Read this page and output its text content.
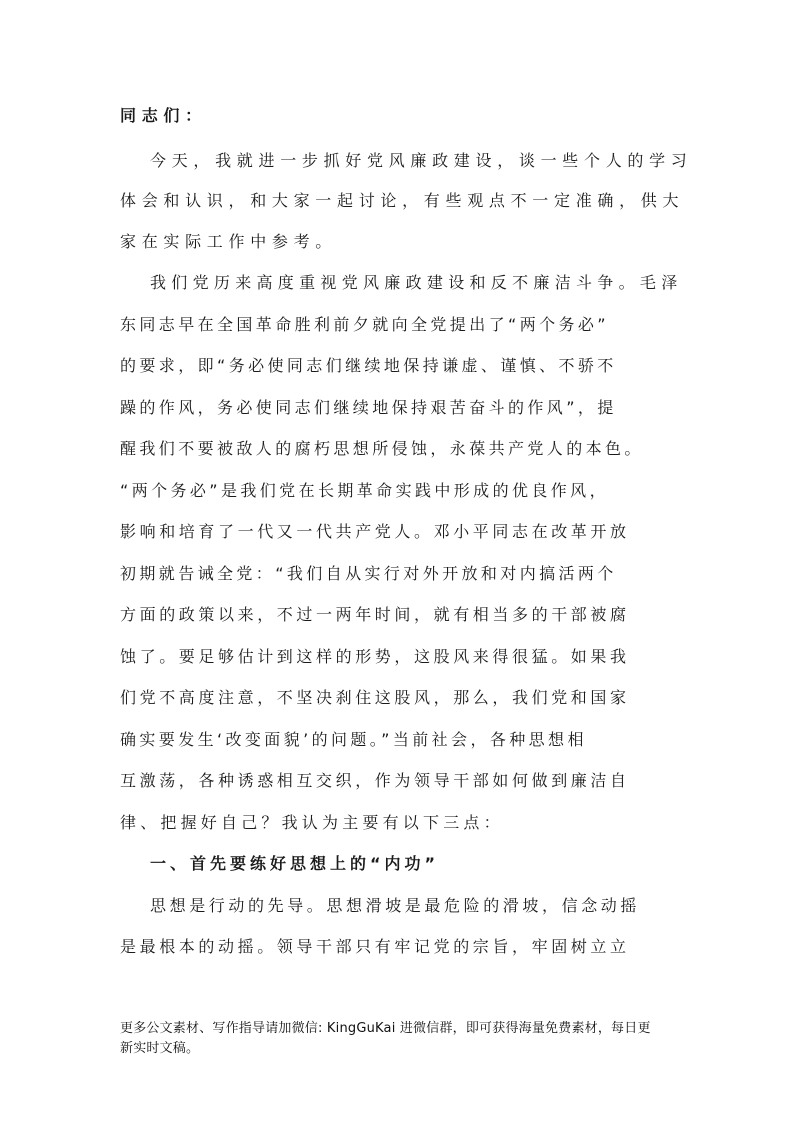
同志们：
今天，我就进一步抓好党风廉政建设，谈一些个人的学习
体会和认识，和大家一起讨论，有些观点不一定准确，供大
家在实际工作中参考。
我们党历来高度重视党风廉政建设和反不廉洁斗争。毛泽
东同志早在全国革命胜利前夕就向全党提出了“两个务必”
的要求，即“务必使同志们继续地保持谦虚、谨慎、不骄不
躁的作风，务必使同志们继续地保持艰苦奋斗的作风”，提
醒我们不要被敌人的腐朽思想所侵蚀，永葆共产党人的本色。
“两个务必”是我们党在长期革命实践中形成的优良作风，
影响和培育了一代又一代共产党人。邓小平同志在改革开放
初期就告诫全党：“我们自从实行对外开放和对内搞活两个
方面的政策以来，不过一两年时间，就有相当多的干部被腐
蚀了。要足够估计到这样的形势，这股风来得很猛。如果我
们党不高度注意，不坚决刹住这股风，那么，我们党和国家
确实要发生‘改变面貌’的问题。”当前社会，各种思想相
互激荡，各种诱惑相互交织，作为领导干部如何做到廉洁自
律、把握好自己？我认为主要有以下三点：
一、首先要练好思想上的“内功”
思想是行动的先导。思想滑坡是最危险的滑坡，信念动摇
是最根本的动摇。领导干部只有牢记党的宗旨，牢固树立立
更多公文素材、写作指导请加微信: KingGuKai 进微信群，即可获得海量免费素材，每日更
新实时文稿。
